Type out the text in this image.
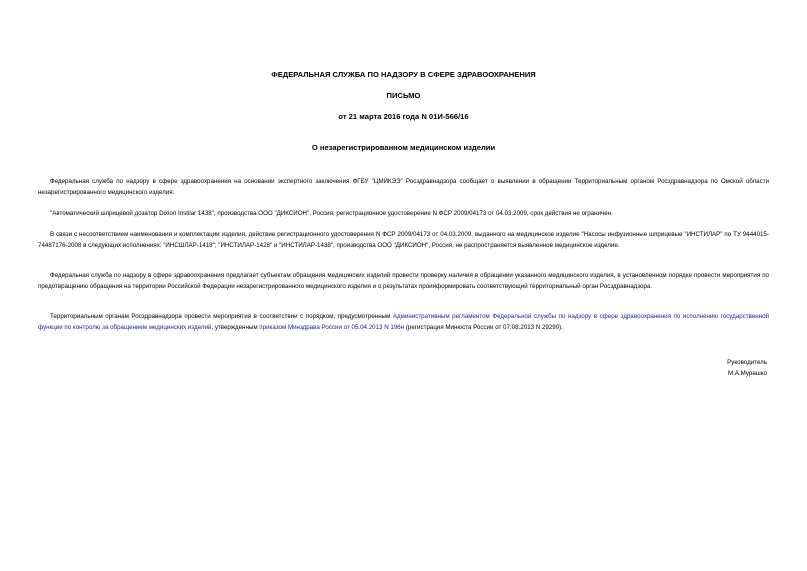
ФЕДЕРАЛЬНАЯ СЛУЖБА ПО НАДЗОРУ В СФЕРЕ ЗДРАВООХРАНЕНИЯ
ПИСЬМО
от 21 марта 2016 года N 01И-566/16
О незарегистрированном медицинском изделии

Федеральная служба по надзору в сфере здравоохранения на основании экспертного заключения ФГБУ "ЦМИКЭЭ" Росздравнадзора сообщает о выявлении в обращении Территориальным органом Росздравнадзора по Омской области незарегистрированного медицинского изделия:

"Автоматический шприцевой дозатор Dixion Instilar 1438", производства ООО "ДИКСИОН", Россия, регистрационное удостоверение N ФСР 2009/04173 от 04.03.2009, срок действия не ограничен.

В связи с несоответствием наименования и комплектации изделия, действие регистрационного удостоверения N ФСР 2009/04173 от 04.03.2009, выданного на медицинское изделие "Насосы инфузионные шприцевые "ИНСТИЛАР" по ТУ 9444015-74487176-2008 в следующих исполнениях: "ИНСШЛАР-1418"; "ИНСТИЛАР-1428" и "ИНСТИЛАР-1438", производства ООО "ДИКСИОН", Россия, не распространяется выявленное медицинское изделие.

Федеральная служба по надзору в сфере здравоохранения предлагает субъектам обращения медицинских изделий провести проверку наличия в обращении указанного медицинского изделия, в установленном порядке провести мероприятия по предотвращению обращения на территории Российской Федерации незарегистрированного медицинского изделия и о результатах проинформировать соответствующий территориальный орган Росздравнадзора.

Территориальным органам Росздравнадзора провести мероприятия в соответствии с порядком, предусмотренным Административным регламентом Федеральной службы по надзору в сфере здравоохранения по исполнению государственной функции по контролю за обращением медицинских изделий, утвержденным приказом Минздрава России от 05.04.2013 N 196н (регистрация Минюста России от 07.08.2013 N 29290).

Руководитель
М.А.Мурашко
